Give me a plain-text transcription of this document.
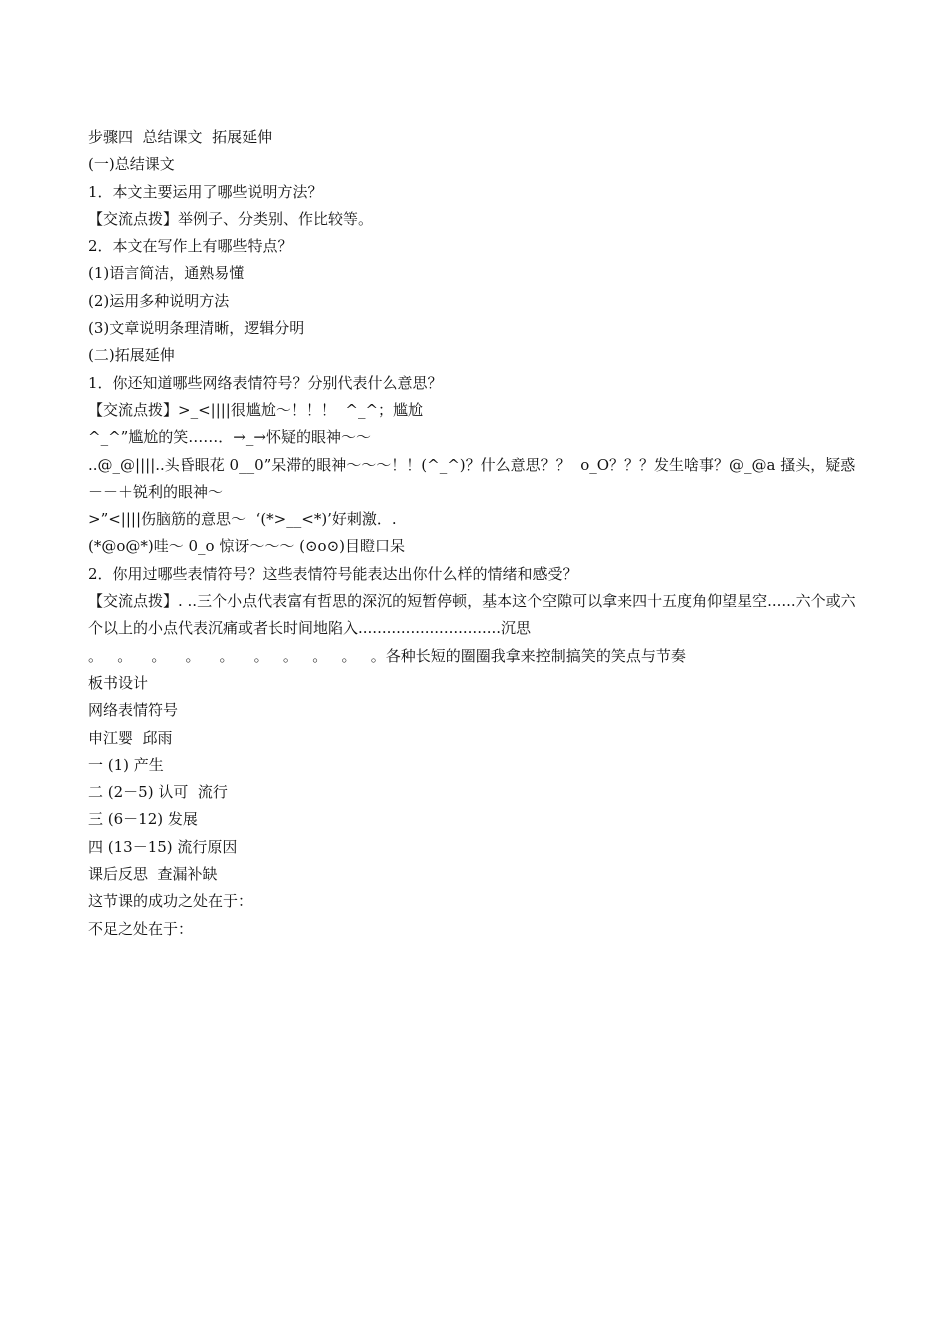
步骤四  总结课文  拓展延伸

(一)总结课文

1．本文主要运用了哪些说明方法？

【交流点拨】举例子、分类别、作比较等。

2．本文在写作上有哪些特点？

(1)语言简洁，通熟易懂

(2)运用多种说明方法

(3)文章说明条理清晰，逻辑分明

(二)拓展延伸

1．你还知道哪些网络表情符号？分别代表什么意思？

【交流点拨】>_<||||很尴尬～！！！  ^_^；尴尬

^_^”尴尬的笑……．→_→怀疑的眼神～～

..@_@||||..头昏眼花 0__0”呆滞的眼神～～～！！(^_^)？什么意思？？  o_O？？？发生啥事？@_@a 搔头，疑惑  －－＋锐利的眼神～

>”<||||伤脑筋的意思～  ‘(*>__<*)’好刺激．.

(*@ο@*)哇～ 0_o 惊讶～～～ (⊙o⊙)目瞪口呆

2．你用过哪些表情符号？这些表情符号能表达出你什么样的情绪和感受？

【交流点拨】. ..三个小点代表富有哲思的深沉的短暂停顿，基本这个空隙可以拿来四十五度角仰望星空......六个或六个以上的小点代表沉痛或者长时间地陷入..............................沉思

。   。    。    。    。    。   。   。   。   。各种长短的圈圈我拿来控制搞笑的笑点与节奏

板书设计

网络表情符号

申江婴  邱雨

一 (1) 产生

二 (2－5) 认可  流行

三 (6－12) 发展

四 (13－15) 流行原因

课后反思  查漏补缺

这节课的成功之处在于：

不足之处在于：
